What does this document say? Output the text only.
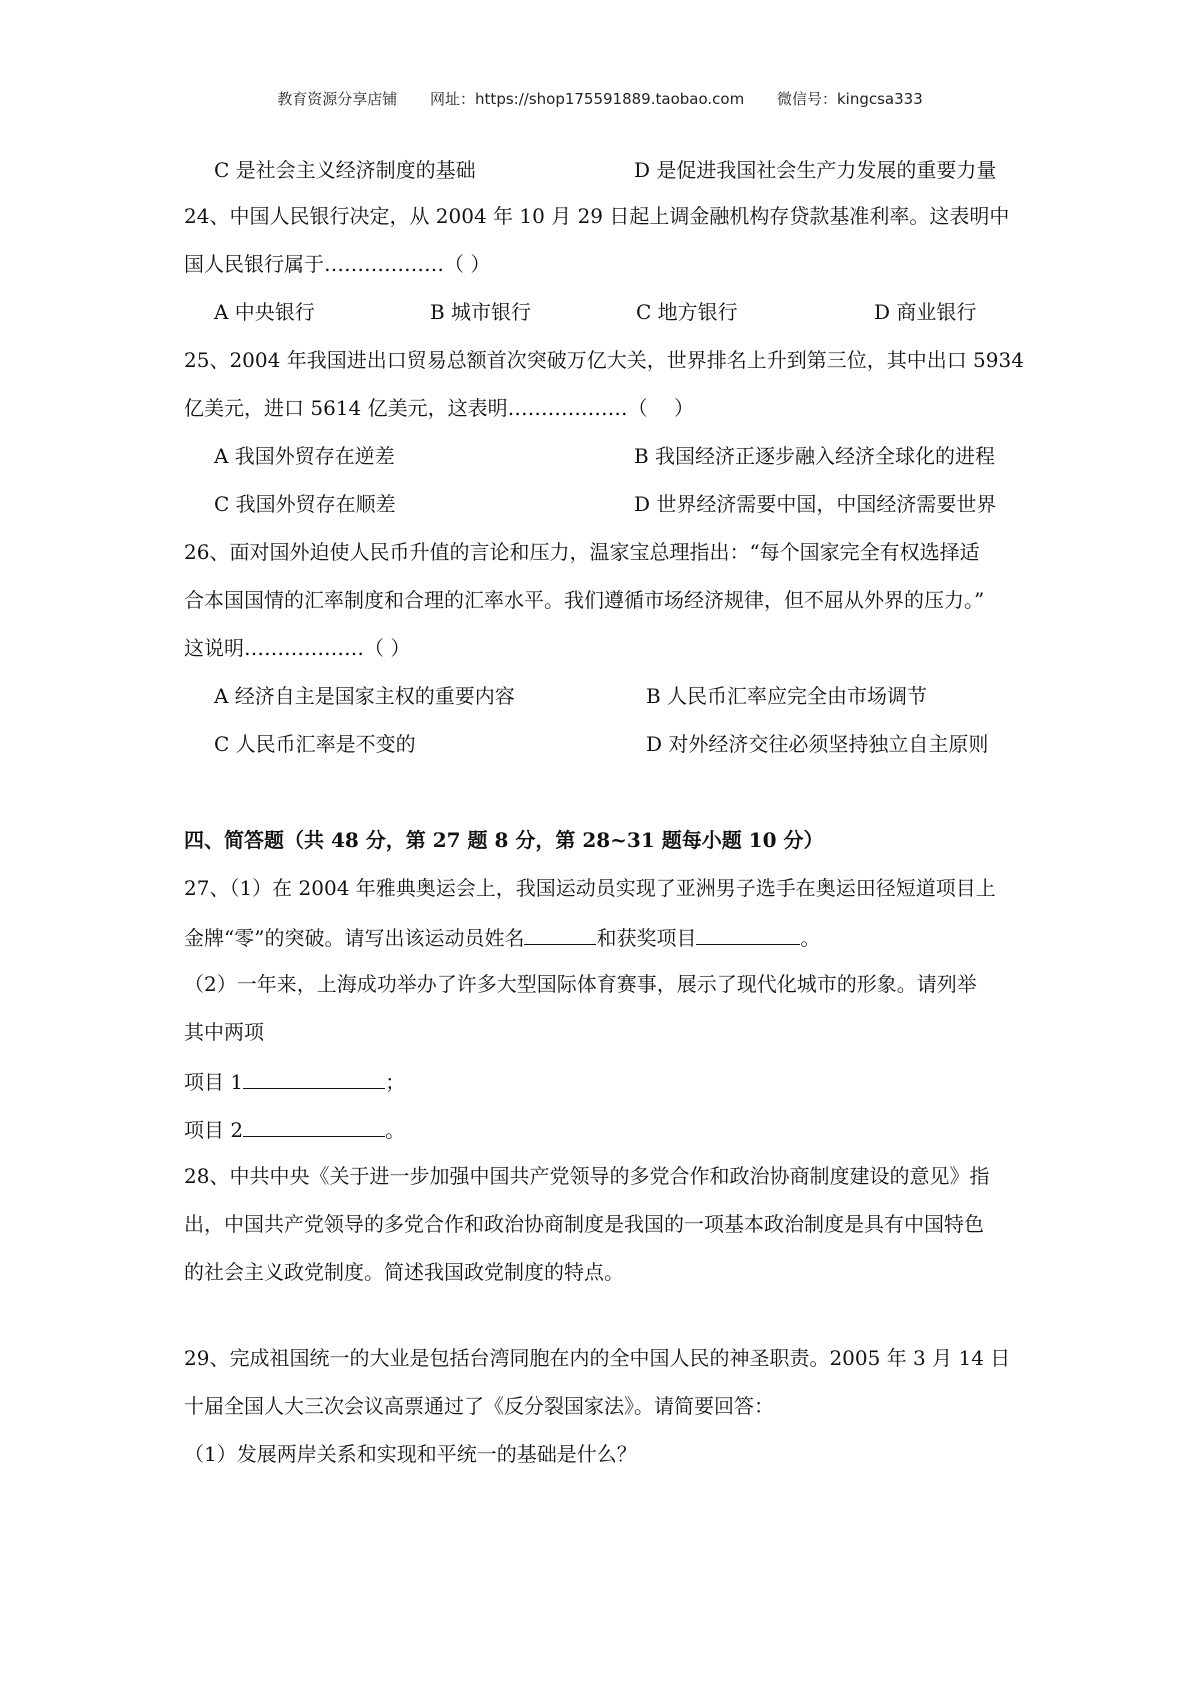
教育资源分享店铺 网址：https://shop175591889.taobao.com 微信号：kingcsa333
C 是社会主义经济制度的基础	D 是促进我国社会生产力发展的重要力量
24、中国人民银行决定，从 2004 年 10 月 29 日起上调金融机构存贷款基准利率。这表明中
国人民银行属于………………（ ）
A 中央银行	B 城市银行	C 地方银行	D 商业银行
25、2004 年我国进出口贸易总额首次突破万亿大关，世界排名上升到第三位，其中出口 5934
亿美元，进口 5614 亿美元，这表明………………（　 ）
A 我国外贸存在逆差	B 我国经济正逐步融入经济全球化的进程
C 我国外贸存在顺差	D 世界经济需要中国，中国经济需要世界
26、面对国外迫使人民币升值的言论和压力，温家宝总理指出：“每个国家完全有权选择适
合本国国情的汇率制度和合理的汇率水平。我们遵循市场经济规律，但不屈从外界的压力。”
这说明………………（ ）
A 经济自主是国家主权的重要内容	B 人民币汇率应完全由市场调节
C 人民币汇率是不变的	D 对外经济交往必须坚持独立自主原则
四、简答题（共 48 分，第 27 题 8 分，第 28~31 题每小题 10 分）
27、（1）在 2004 年雅典奥运会上，我国运动员实现了亚洲男子选手在奥运田径短道项目上
金牌“零”的突破。请写出该运动员姓名	和获奖项目	。
（2）一年来，上海成功举办了许多大型国际体育赛事，展示了现代化城市的形象。请列举
其中两项
项目 1	；
项目 2	。
28、中共中央《关于进一步加强中国共产党领导的多党合作和政治协商制度建设的意见》指
出，中国共产党领导的多党合作和政治协商制度是我国的一项基本政治制度是具有中国特色
的社会主义政党制度。简述我国政党制度的特点。
29、完成祖国统一的大业是包括台湾同胞在内的全中国人民的神圣职责。2005 年 3 月 14 日
十届全国人大三次会议高票通过了《反分裂国家法》。请简要回答：
（1）发展两岸关系和实现和平统一的基础是什么？
